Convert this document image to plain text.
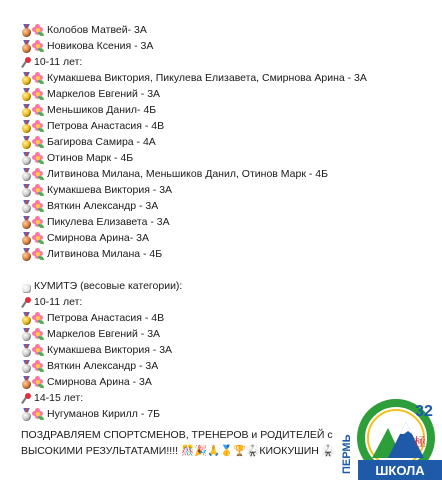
Колобов Матвей- 3А
Новикова Ксения - 3А
10-11 лет:
Кумакшева Виктория, Пикулева Елизавета, Смирнова Арина - 3А
Маркелов Евгений - 3А
Меньшиков Данил- 4Б
Петрова Анастасия - 4В
Багирова Самира - 4А
Отинов Марк - 4Б
Литвинова Милана, Меньшиков Данил, Отинов Марк - 4Б
Кумакшева Виктория - 3А
Вяткин Александр - 3А
Пикулева Елизавета - 3А
Смирнова Арина- 3А
Литвинова Милана - 4Б
КУМИТЭ (весовые категории):
10-11 лет:
Петрова Анастасия - 4В
Маркелов Евгений - 3А
Кумакшева Виктория - 3А
Вяткин Александр - 3А
Смирнова Арина - 3А
14-15 лет:
Нугуманов Кирилл - 7Б
ПОЗДРАВЛЯЕМ СПОРТСМЕНОВ, ТРЕНЕРОВ и РОДИТЕЛЕЙ с ВЫСОКИМИ РЕЗУЛЬТАТАМИ!!!! 🎊🎉🙏🥇🏆🥋КИОКУШИН 🥋
ШКОЛА
32
ПЕРМЬ	極
